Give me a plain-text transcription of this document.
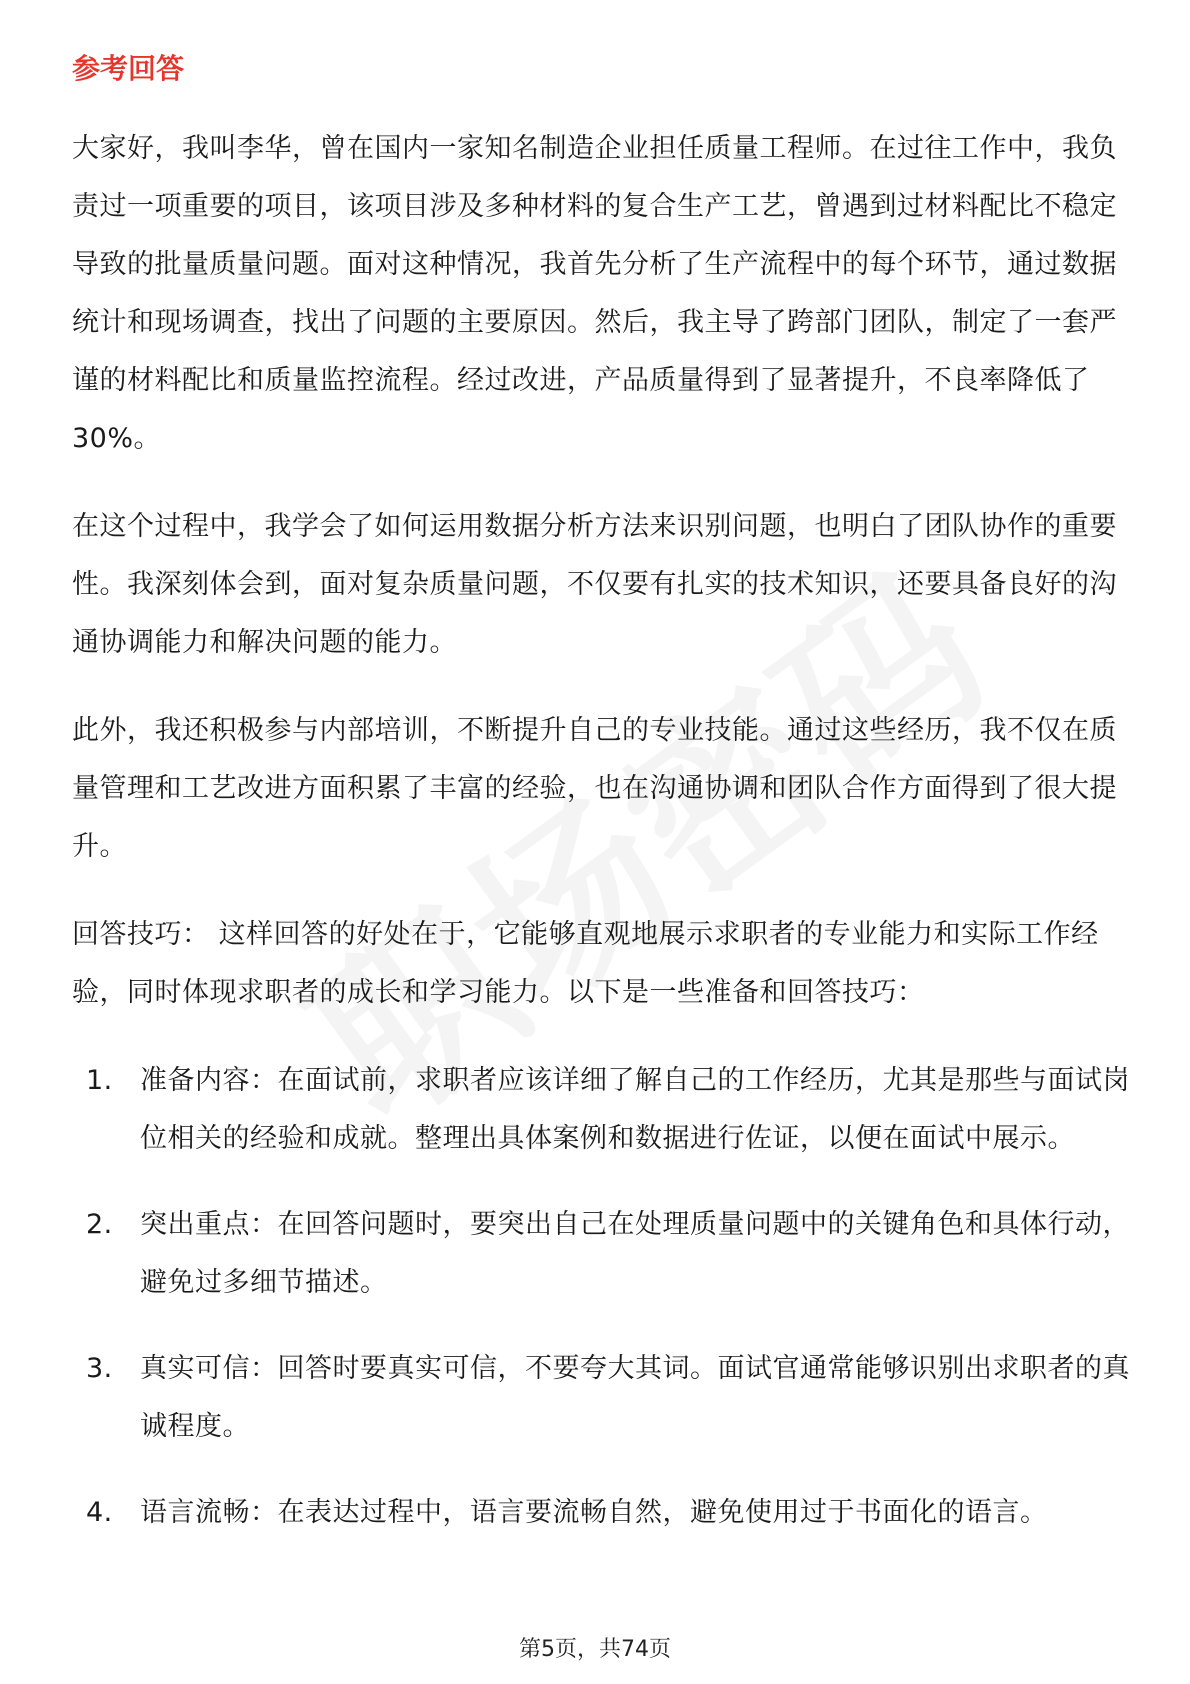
参考回答

大家好，我叫李华，曾在国内一家知名制造企业担任质量工程师。在过往工作中，我负责过一项重要的项目，该项目涉及多种材料的复合生产工艺，曾遇到过材料配比不稳定导致的批量质量问题。面对这种情况，我首先分析了生产流程中的每个环节，通过数据统计和现场调查，找出了问题的主要原因。然后，我主导了跨部门团队，制定了一套严谨的材料配比和质量监控流程。经过改进，产品质量得到了显著提升，不良率降低了30%。

在这个过程中，我学会了如何运用数据分析方法来识别问题，也明白了团队协作的重要性。我深刻体会到，面对复杂质量问题，不仅要有扎实的技术知识，还要具备良好的沟通协调能力和解决问题的能力。

此外，我还积极参与内部培训，不断提升自己的专业技能。通过这些经历，我不仅在质量管理和工艺改进方面积累了丰富的经验，也在沟通协调和团队合作方面得到了很大提升。

回答技巧： 这样回答的好处在于，它能够直观地展示求职者的专业能力和实际工作经验，同时体现求职者的成长和学习能力。以下是一些准备和回答技巧：

1. 准备内容：在面试前，求职者应该详细了解自己的工作经历，尤其是那些与面试岗位相关的经验和成就。整理出具体案例和数据进行佐证，以便在面试中展示。
2. 突出重点：在回答问题时，要突出自己在处理质量问题中的关键角色和具体行动，避免过多细节描述。
3. 真实可信：回答时要真实可信，不要夸大其词。面试官通常能够识别出求职者的真诚程度。
4. 语言流畅：在表达过程中，语言要流畅自然，避免使用过于书面化的语言。
第5页，共74页
